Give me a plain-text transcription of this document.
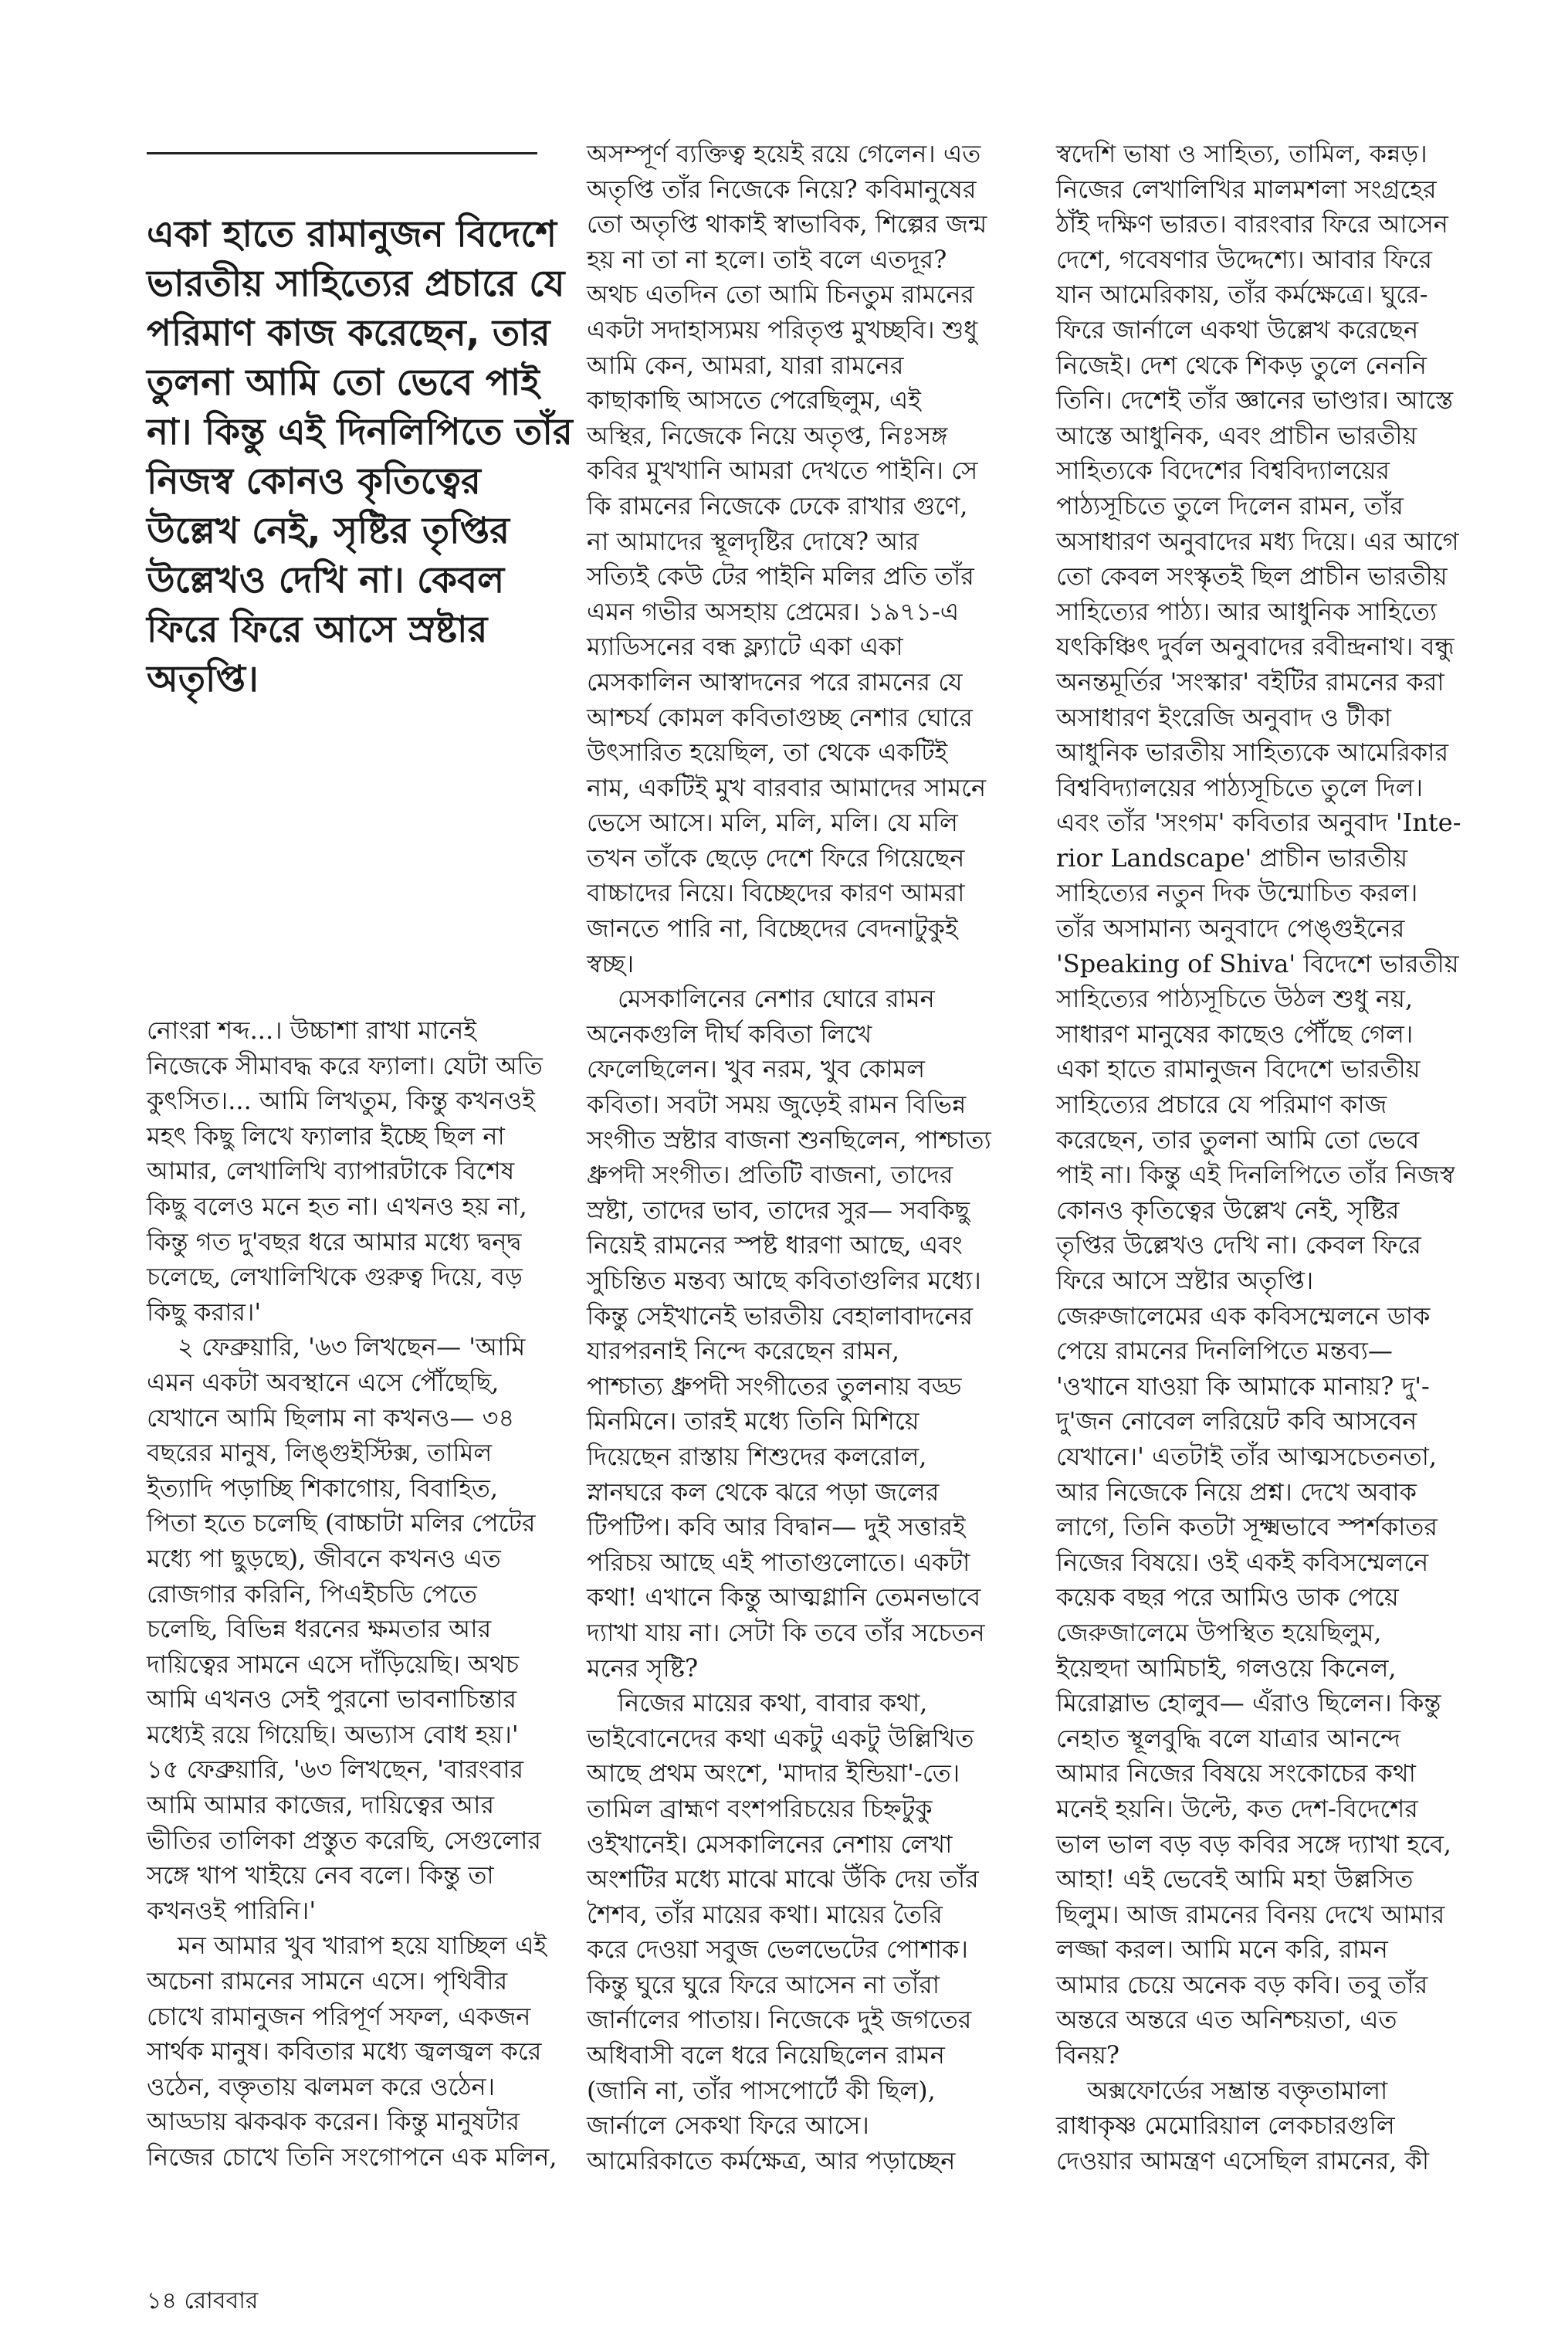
একা হাতে রামানুজন বিদেশে
ভারতীয় সাহিত্যের প্রচারে যে
পরিমাণ কাজ করেছেন, তার
তুলনা আমি তো ভেবে পাই
না। কিন্তু এই দিনলিপিতে তাঁর
নিজস্ব কোনও কৃতিত্বের
উল্লেখ নেই, সৃষ্টির তৃপ্তির
উল্লেখও দেখি না। কেবল
ফিরে ফিরে আসে স্রষ্টার
অতৃপ্তি।
নোংরা শব্দ...। উচ্চাশা রাখা মানেই
নিজেকে সীমাবদ্ধ করে ফ্যালা। যেটা অতি
কুৎসিত।... আমি লিখতুম, কিন্তু কখনওই
মহৎ কিছু লিখে ফ্যালার ইচ্ছে ছিল না
আমার, লেখালিখি ব্যাপারটাকে বিশেষ
কিছু বলেও মনে হত না। এখনও হয় না,
কিন্তু গত দু'বছর ধরে আমার মধ্যে দ্বন্দ্ব
চলেছে, লেখালিখিকে গুরুত্ব দিয়ে, বড়
কিছু করার।'
২ ফেব্রুয়ারি, '৬৩ লিখছেন— 'আমি
এমন একটা অবস্থানে এসে পৌঁছেছি,
যেখানে আমি ছিলাম না কখনও— ৩৪
বছরের মানুষ, লিঙ্গুইস্টিক্স, তামিল
ইত্যাদি পড়াচ্ছি শিকাগোয়, বিবাহিত,
পিতা হতে চলেছি (বাচ্চাটা মলির পেটের
মধ্যে পা ছুড়ছে), জীবনে কখনও এত
রোজগার করিনি, পিএইচডি পেতে
চলেছি, বিভিন্ন ধরনের ক্ষমতার আর
দায়িত্বের সামনে এসে দাঁড়িয়েছি। অথচ
আমি এখনও সেই পুরনো ভাবনাচিন্তার
মধ্যেই রয়ে গিয়েছি। অভ্যাস বোধ হয়।'
১৫ ফেব্রুয়ারি, '৬৩ লিখছেন, 'বারংবার
আমি আমার কাজের, দায়িত্বের আর
ভীতির তালিকা প্রস্তুত করেছি, সেগুলোর
সঙ্গে খাপ খাইয়ে নেব বলে। কিন্তু তা
কখনওই পারিনি।'
মন আমার খুব খারাপ হয়ে যাচ্ছিল এই
অচেনা রামনের সামনে এসে। পৃথিবীর
চোখে রামানুজন পরিপূর্ণ সফল, একজন
সার্থক মানুষ। কবিতার মধ্যে জ্বলজ্বল করে
ওঠেন, বক্তৃতায় ঝলমল করে ওঠেন।
আড্ডায় ঝকঝক করেন। কিন্তু মানুষটার
নিজের চোখে তিনি সংগোপনে এক মলিন,
অসম্পূর্ণ ব্যক্তিত্ব হয়েই রয়ে গেলেন। এত
অতৃপ্তি তাঁর নিজেকে নিয়ে? কবিমানুষের
তো অতৃপ্তি থাকাই স্বাভাবিক, শিল্পের জন্ম
হয় না তা না হলে। তাই বলে এতদূর?
অথচ এতদিন তো আমি চিনতুম রামনের
একটা সদাহাস্যময় পরিতৃপ্ত মুখচ্ছবি। শুধু
আমি কেন, আমরা, যারা রামনের
কাছাকাছি আসতে পেরেছিলুম, এই
অস্থির, নিজেকে নিয়ে অতৃপ্ত, নিঃসঙ্গ
কবির মুখখানি আমরা দেখতে পাইনি। সে
কি রামনের নিজেকে ঢেকে রাখার গুণে,
না আমাদের স্থূলদৃষ্টির দোষে? আর
সত্যিই কেউ টের পাইনি মলির প্রতি তাঁর
এমন গভীর অসহায় প্রেমের। ১৯৭১-এ
ম্যাডিসনের বন্ধ ফ্ল্যাটে একা একা
মেসকালিন আস্বাদনের পরে রামনের যে
আশ্চর্য কোমল কবিতাগুচ্ছ নেশার ঘোরে
উৎসারিত হয়েছিল, তা থেকে একটিই
নাম, একটিই মুখ বারবার আমাদের সামনে
ভেসে আসে। মলি, মলি, মলি। যে মলি
তখন তাঁকে ছেড়ে দেশে ফিরে গিয়েছেন
বাচ্চাদের নিয়ে। বিচ্ছেদের কারণ আমরা
জানতে পারি না, বিচ্ছেদের বেদনাটুকুই
স্বচ্ছ।
মেসকালিনের নেশার ঘোরে রামন
অনেকগুলি দীর্ঘ কবিতা লিখে
ফেলেছিলেন। খুব নরম, খুব কোমল
কবিতা। সবটা সময় জুড়েই রামন বিভিন্ন
সংগীত স্রষ্টার বাজনা শুনছিলেন, পাশ্চাত্য
ধ্রুপদী সংগীত। প্রতিটি বাজনা, তাদের
স্রষ্টা, তাদের ভাব, তাদের সুর— সবকিছু
নিয়েই রামনের স্পষ্ট ধারণা আছে, এবং
সুচিন্তিত মন্তব্য আছে কবিতাগুলির মধ্যে।
কিন্তু সেইখানেই ভারতীয় বেহালাবাদনের
যারপরনাই নিন্দে করেছেন রামন,
পাশ্চাত্য ধ্রুপদী সংগীতের তুলনায় বড্ড
মিনমিনে। তারই মধ্যে তিনি মিশিয়ে
দিয়েছেন রাস্তায় শিশুদের কলরোল,
স্নানঘরে কল থেকে ঝরে পড়া জলের
টিপটিপ। কবি আর বিদ্বান— দুই সত্তারই
পরিচয় আছে এই পাতাগুলোতে। একটা
কথা! এখানে কিন্তু আত্মগ্লানি তেমনভাবে
দ্যাখা যায় না। সেটা কি তবে তাঁর সচেতন
মনের সৃষ্টি?
নিজের মায়ের কথা, বাবার কথা,
ভাইবোনেদের কথা একটু একটু উল্লিখিত
আছে প্রথম অংশে, 'মাদার ইন্ডিয়া'-তে।
তামিল ব্রাহ্মণ বংশপরিচয়ের চিহ্নটুকু
ওইখানেই। মেসকালিনের নেশায় লেখা
অংশটির মধ্যে মাঝে মাঝে উঁকি দেয় তাঁর
শৈশব, তাঁর মায়ের কথা। মায়ের তৈরি
করে দেওয়া সবুজ ভেলভেটের পোশাক।
কিন্তু ঘুরে ঘুরে ফিরে আসেন না তাঁরা
জার্নালের পাতায়। নিজেকে দুই জগতের
অধিবাসী বলে ধরে নিয়েছিলেন রামন
(জানি না, তাঁর পাসপোর্টে কী ছিল),
জার্নালে সেকথা ফিরে আসে।
আমেরিকাতে কর্মক্ষেত্র, আর পড়াচ্ছেন
স্বদেশি ভাষা ও সাহিত্য, তামিল, কন্নড়।
নিজের লেখালিখির মালমশলা সংগ্রহের
ঠাঁই দক্ষিণ ভারত। বারংবার ফিরে আসেন
দেশে, গবেষণার উদ্দেশ্যে। আবার ফিরে
যান আমেরিকায়, তাঁর কর্মক্ষেত্রে। ঘুরে-
ফিরে জার্নালে একথা উল্লেখ করেছেন
নিজেই। দেশ থেকে শিকড় তুলে নেননি
তিনি। দেশেই তাঁর জ্ঞানের ভাণ্ডার। আস্তে
আস্তে আধুনিক, এবং প্রাচীন ভারতীয়
সাহিত্যকে বিদেশের বিশ্ববিদ্যালয়ের
পাঠ্যসূচিতে তুলে দিলেন রামন, তাঁর
অসাধারণ অনুবাদের মধ্য দিয়ে। এর আগে
তো কেবল সংস্কৃতই ছিল প্রাচীন ভারতীয়
সাহিত্যের পাঠ্য। আর আধুনিক সাহিত্যে
যৎকিঞ্চিৎ দুর্বল অনুবাদের রবীন্দ্রনাথ। বন্ধু
অনন্তমূর্তির 'সংস্কার' বইটির রামনের করা
অসাধারণ ইংরেজি অনুবাদ ও টীকা
আধুনিক ভারতীয় সাহিত্যকে আমেরিকার
বিশ্ববিদ্যালয়ের পাঠ্যসূচিতে তুলে দিল।
এবং তাঁর 'সংগম' কবিতার অনুবাদ 'Inte-
rior Landscape' প্রাচীন ভারতীয়
সাহিত্যের নতুন দিক উন্মোচিত করল।
তাঁর অসামান্য অনুবাদে পেঙ্গুইনের
'Speaking of Shiva' বিদেশে ভারতীয়
সাহিত্যের পাঠ্যসূচিতে উঠল শুধু নয়,
সাধারণ মানুষের কাছেও পৌঁছে গেল।
একা হাতে রামানুজন বিদেশে ভারতীয়
সাহিত্যের প্রচারে যে পরিমাণ কাজ
করেছেন, তার তুলনা আমি তো ভেবে
পাই না। কিন্তু এই দিনলিপিতে তাঁর নিজস্ব
কোনও কৃতিত্বের উল্লেখ নেই, সৃষ্টির
তৃপ্তির উল্লেখও দেখি না। কেবল ফিরে
ফিরে আসে স্রষ্টার অতৃপ্তি।
জেরুজালেমের এক কবিসম্মেলনে ডাক
পেয়ে রামনের দিনলিপিতে মন্তব্য—
'ওখানে যাওয়া কি আমাকে মানায়? দু'-
দু'জন নোবেল লরিয়েট কবি আসবেন
যেখানে।' এতটাই তাঁর আত্মসচেতনতা,
আর নিজেকে নিয়ে প্রশ্ন। দেখে অবাক
লাগে, তিনি কতটা সূক্ষ্মভাবে স্পর্শকাতর
নিজের বিষয়ে। ওই একই কবিসম্মেলনে
কয়েক বছর পরে আমিও ডাক পেয়ে
জেরুজালেমে উপস্থিত হয়েছিলুম,
ইয়েহুদা আমিচাই, গলওয়ে কিনেল,
মিরোস্লাভ হোলুব— এঁরাও ছিলেন। কিন্তু
নেহাত স্থূলবুদ্ধি বলে যাত্রার আনন্দে
আমার নিজের বিষয়ে সংকোচের কথা
মনেই হয়নি। উল্টে, কত দেশ-বিদেশের
ভাল ভাল বড় বড় কবির সঙ্গে দ্যাখা হবে,
আহা! এই ভেবেই আমি মহা উল্লসিত
ছিলুম। আজ রামনের বিনয় দেখে আমার
লজ্জা করল। আমি মনে করি, রামন
আমার চেয়ে অনেক বড় কবি। তবু তাঁর
অন্তরে অন্তরে এত অনিশ্চয়তা, এত
বিনয়?
অক্সফোর্ডের সম্ভ্রান্ত বক্তৃতামালা
রাধাকৃষ্ণ মেমোরিয়াল লেকচারগুলি
দেওয়ার আমন্ত্রণ এসেছিল রামনের, কী
১৪ রোববার
